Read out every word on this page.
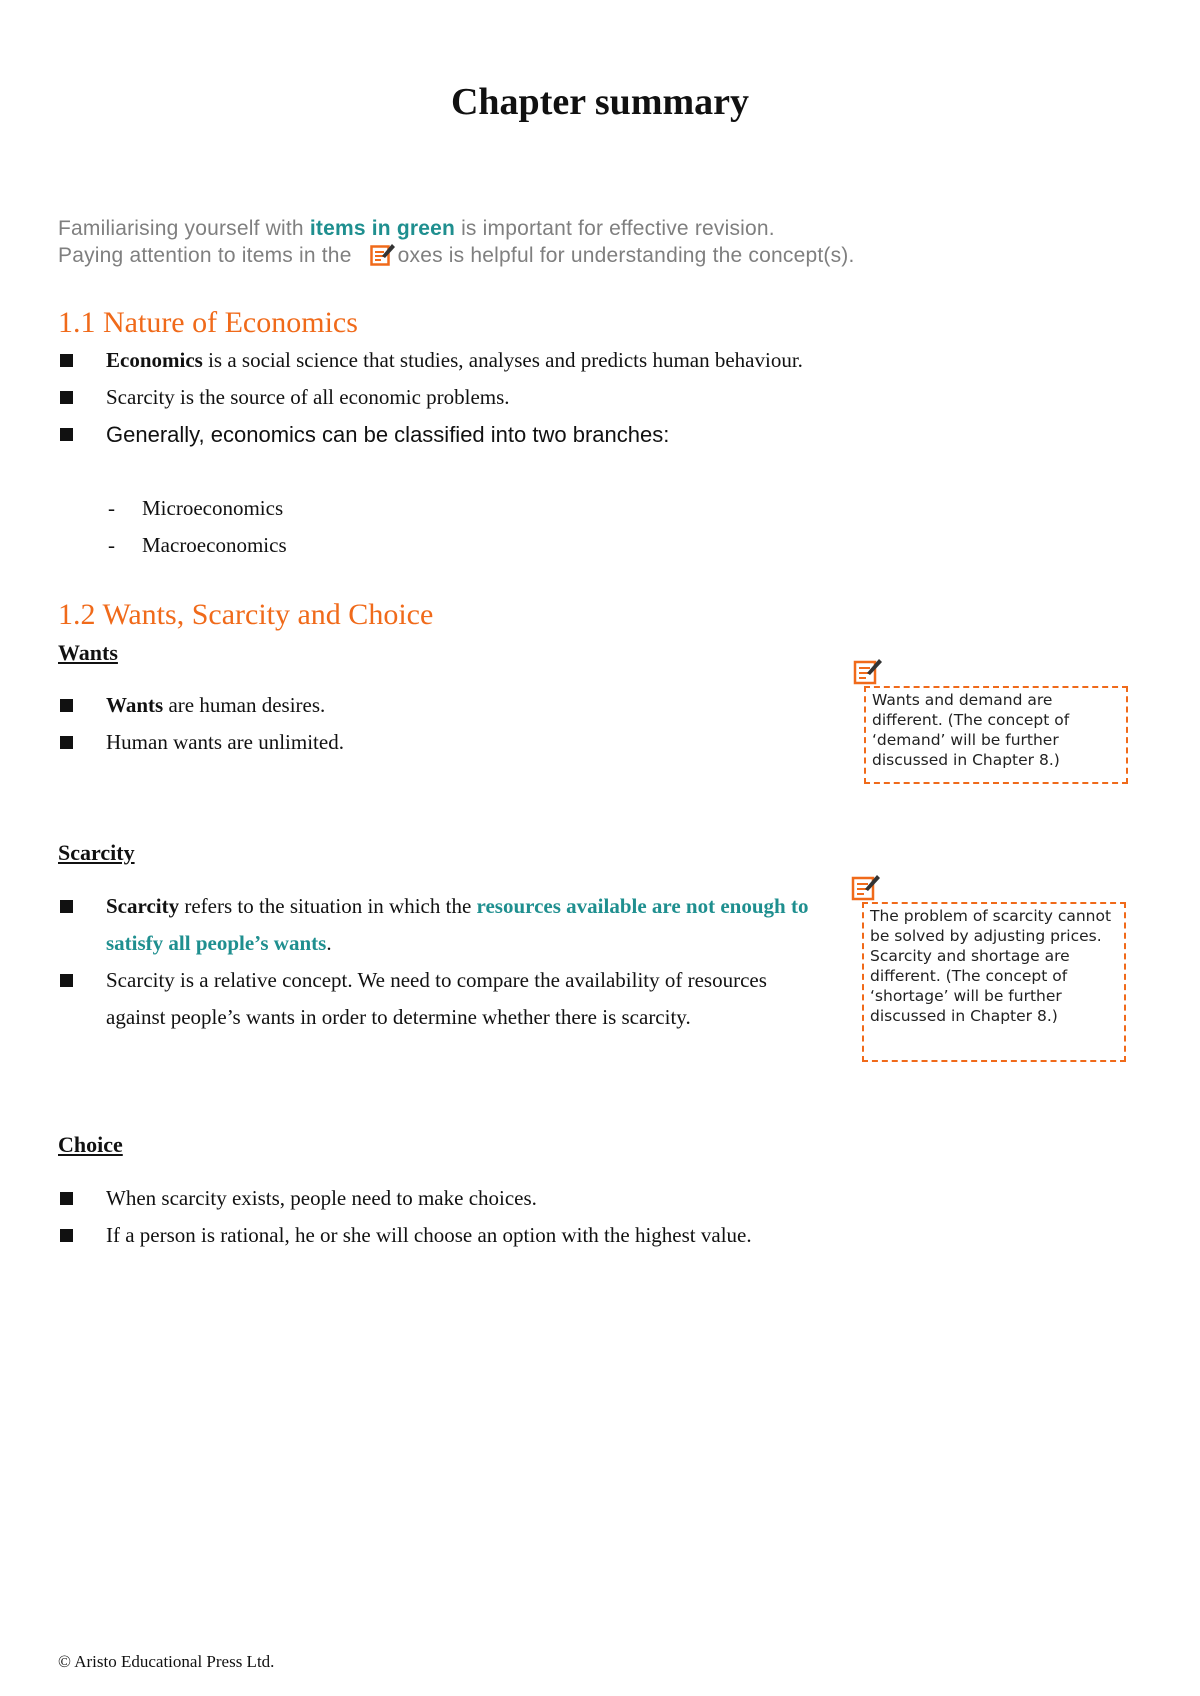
Chapter summary
Familiarising yourself with items in green is important for effective revision.
Paying attention to items in the
oxes is helpful for understanding the concept(s).
1.1 Nature of Economics
Economics is a social science that studies, analyses and predicts human behaviour.
Scarcity is the source of all economic problems.
Generally, economics can be classified into two branches:
- Microeconomics
- Macroeconomics
1.2 Wants, Scarcity and Choice
Wants
Wants are human desires.
Human wants are unlimited.
Wants and demand are different. (The concept of ‘demand’ will be further discussed in Chapter 8.)
Scarcity
Scarcity refers to the situation in which the resources available are not enough to satisfy all people’s wants.
Scarcity is a relative concept. We need to compare the availability of resources against people’s wants in order to determine whether there is scarcity.
The problem of scarcity cannot be solved by adjusting prices.
Scarcity and shortage are different. (The concept of ‘shortage’ will be further discussed in Chapter 8.)
Choice
When scarcity exists, people need to make choices.
If a person is rational, he or she will choose an option with the highest value.
© Aristo Educational Press Ltd.
